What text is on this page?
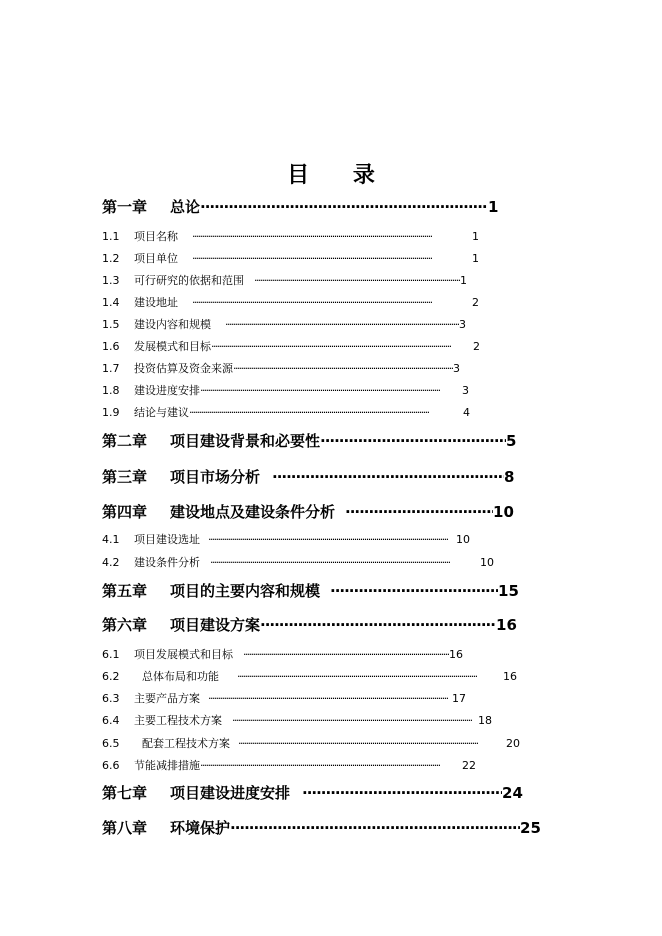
目 录
第一章	总论 ·····	1
1.1	项目名称 ·····	1
1.2	项目单位 ·····	1
1.3	可行研究的依据和范围 ·····	1
1.4	建设地址 ·····	2
1.5	建设内容和规模 ·····	3
1.6	发展模式和目标 ·····	2
1.7	投资估算及资金来源 ·····	3
1.8	建设进度安排 ·····	3
1.9	结论与建议 ·····	4
第二章	项目建设背景和必要性 ·····	5
第三章	项目市场分析 ·····	8
第四章	建设地点及建设条件分析 ·····	10
4.1	项目建设选址 ·····	10
4.2	建设条件分析 ·····	10
第五章	项目的主要内容和规模 ·····	15
第六章	项目建设方案 ·····	16
6.1	项目发展模式和目标 ·····	16
6.2	总体布局和功能 ·····	16
6.3	主要产品方案 ·····	17
6.4	主要工程技术方案 ·····	18
6.5	配套工程技术方案 ·····	20
6.6	节能减排措施 ·····	22
第七章	项目建设进度安排 ·····	24
第八章	环境保护 ·····	25
